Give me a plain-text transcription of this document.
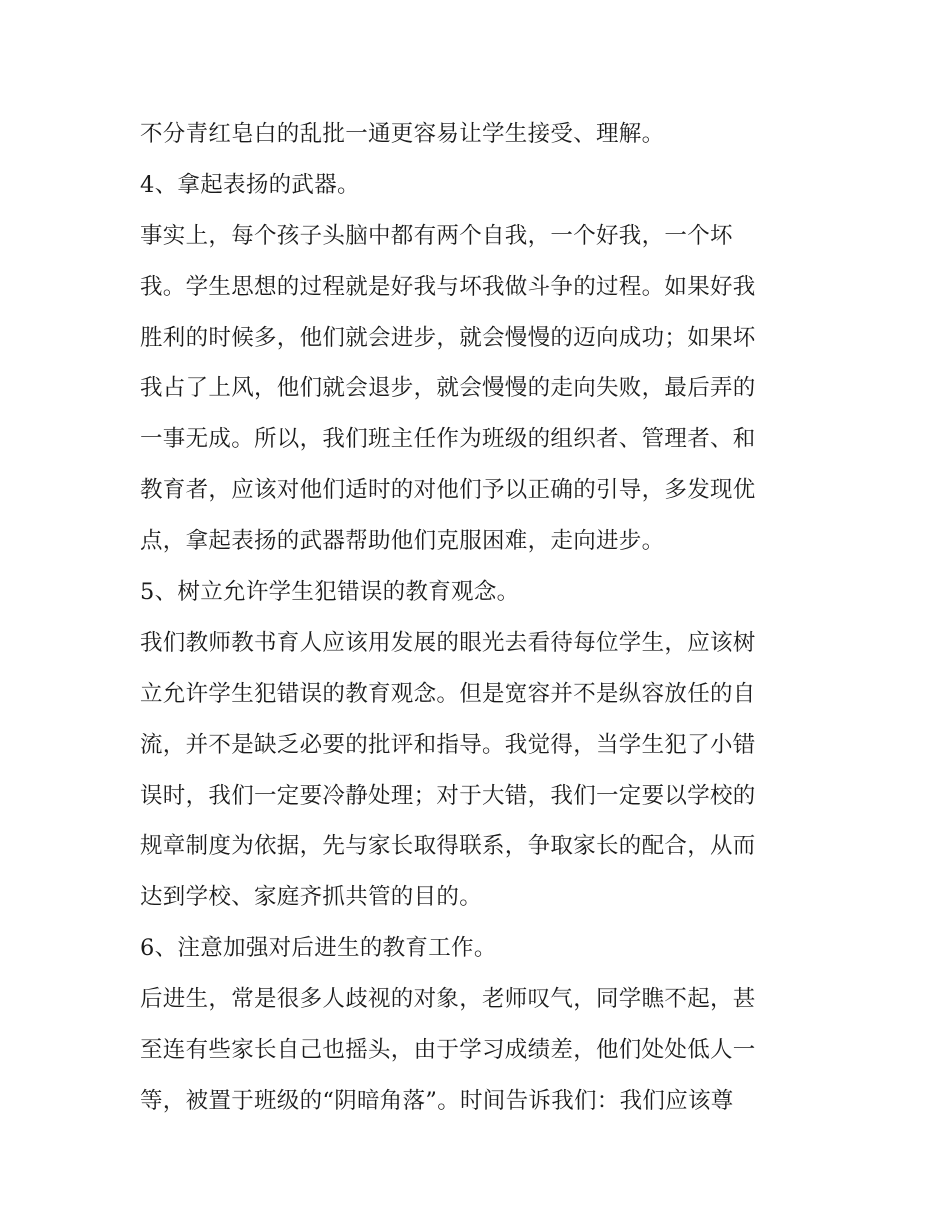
不分青红皂白的乱批一通更容易让学生接受、理解。
4、拿起表扬的武器。
事实上，每个孩子头脑中都有两个自我，一个好我，一个坏
我。学生思想的过程就是好我与坏我做斗争的过程。如果好我
胜利的时候多，他们就会进步，就会慢慢的迈向成功；如果坏
我占了上风，他们就会退步，就会慢慢的走向失败，最后弄的
一事无成。所以，我们班主任作为班级的组织者、管理者、和
教育者，应该对他们适时的对他们予以正确的引导，多发现优
点，拿起表扬的武器帮助他们克服困难，走向进步。
5、树立允许学生犯错误的教育观念。
我们教师教书育人应该用发展的眼光去看待每位学生，应该树
立允许学生犯错误的教育观念。但是宽容并不是纵容放任的自
流，并不是缺乏必要的批评和指导。我觉得，当学生犯了小错
误时，我们一定要冷静处理；对于大错，我们一定要以学校的
规章制度为依据，先与家长取得联系，争取家长的配合，从而
达到学校、家庭齐抓共管的目的。
6、注意加强对后进生的教育工作。
后进生，常是很多人歧视的对象，老师叹气，同学瞧不起，甚
至连有些家长自己也摇头，由于学习成绩差，他们处处低人一
等，被置于班级的“阴暗角落”。时间告诉我们：我们应该尊
